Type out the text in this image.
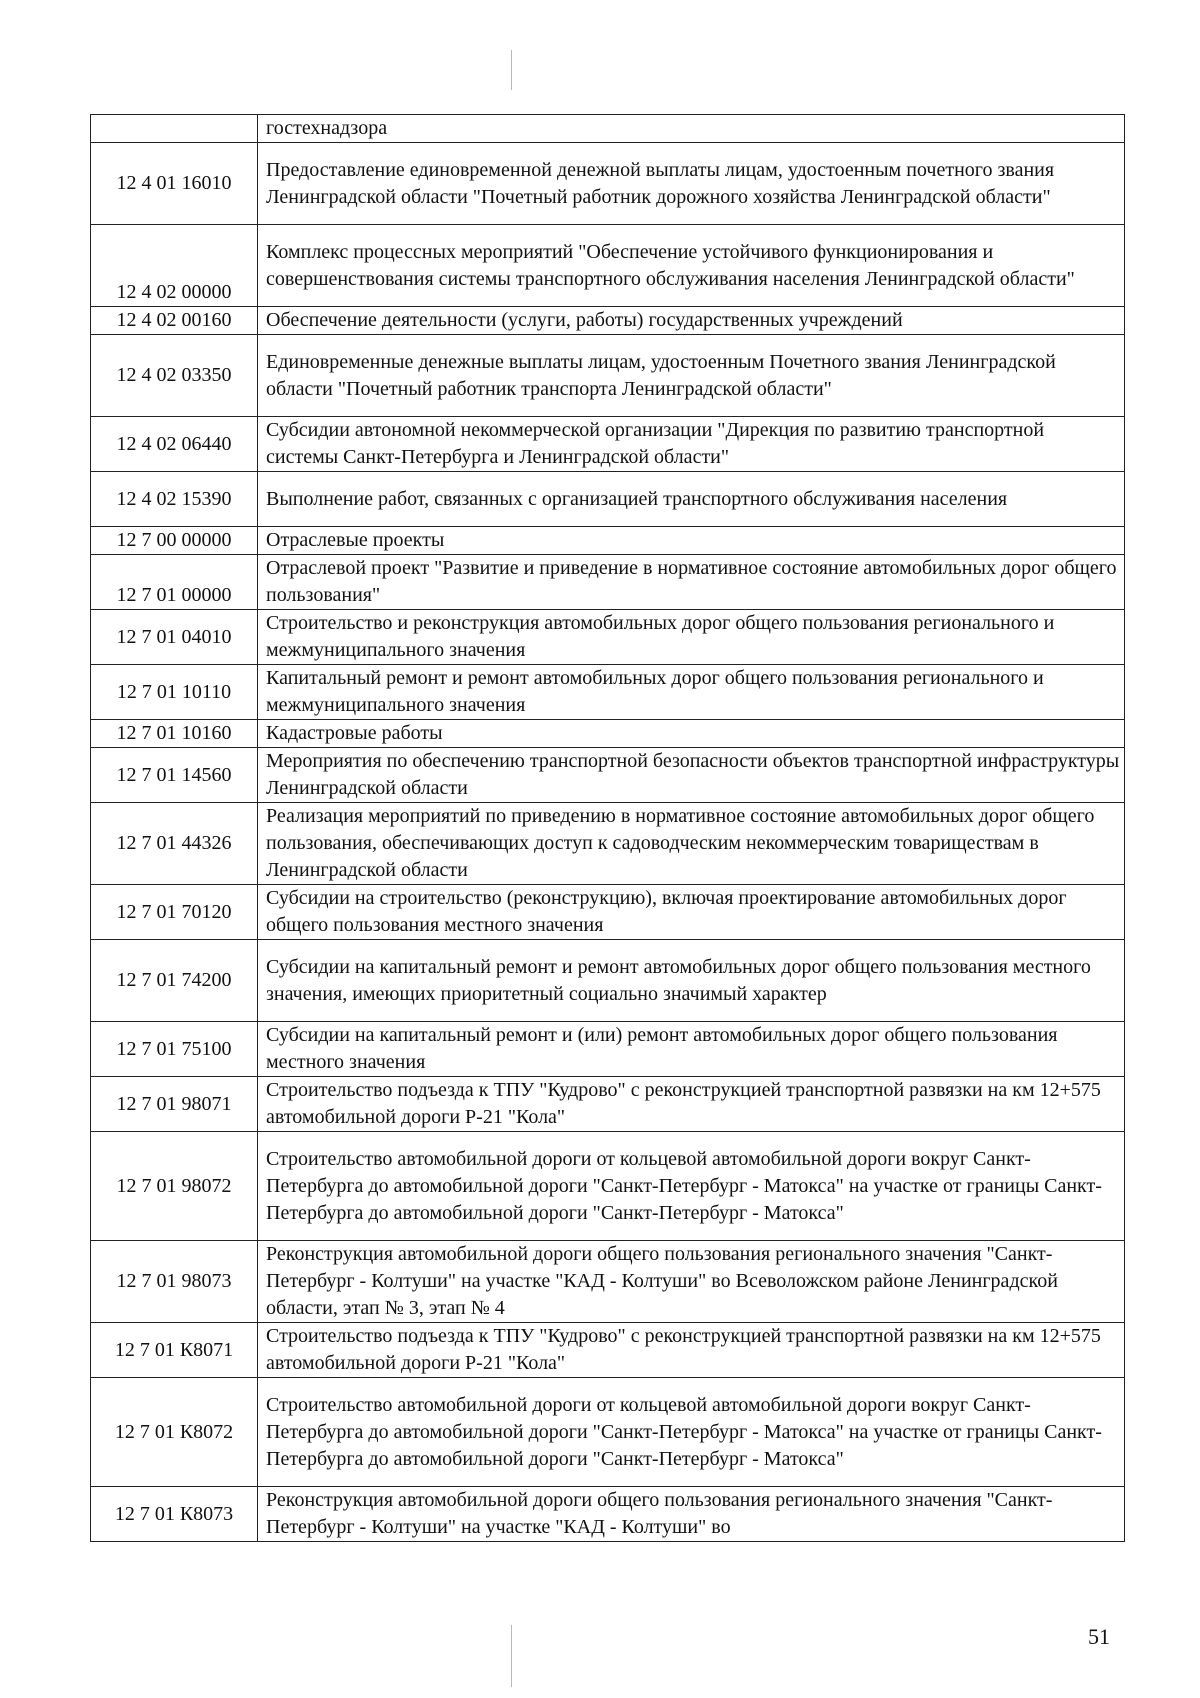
	гостехнадзора
12 4 01 16010	Предоставление единовременной денежной выплаты лицам, удостоенным почетного звания Ленинградской области "Почетный работник дорожного хозяйства Ленинградской области"
12 4 02 00000	Комплекс процессных мероприятий "Обеспечение устойчивого функционирования и совершенствования системы транспортного обслуживания населения Ленинградской области"
12 4 02 00160	Обеспечение деятельности (услуги, работы) государственных учреждений
12 4 02 03350	Единовременные денежные выплаты лицам, удостоенным Почетного звания Ленинградской области "Почетный работник транспорта Ленинградской области"
12 4 02 06440	Субсидии автономной некоммерческой организации "Дирекция по развитию транспортной системы Санкт-Петербурга и Ленинградской области"
12 4 02 15390	Выполнение работ, связанных с организацией транспортного обслуживания населения
12 7 00 00000	Отраслевые проекты
12 7 01 00000	Отраслевой проект "Развитие и приведение в нормативное состояние автомобильных дорог общего пользования"
12 7 01 04010	Строительство и реконструкция автомобильных дорог общего пользования регионального и межмуниципального значения
12 7 01 10110	Капитальный ремонт и ремонт автомобильных дорог общего пользования регионального и межмуниципального значения
12 7 01 10160	Кадастровые работы
12 7 01 14560	Мероприятия по обеспечению транспортной безопасности объектов транспортной инфраструктуры Ленинградской области
12 7 01 44326	Реализация мероприятий по приведению в нормативное состояние автомобильных дорог общего пользования, обеспечивающих доступ к садоводческим некоммерческим товариществам в Ленинградской области
12 7 01 70120	Субсидии на строительство (реконструкцию), включая проектирование автомобильных дорог общего пользования местного значения
12 7 01 74200	Субсидии на капитальный ремонт и ремонт автомобильных дорог общего пользования местного значения, имеющих приоритетный социально значимый характер
12 7 01 75100	Субсидии на капитальный ремонт и (или) ремонт автомобильных дорог общего пользования местного значения
12 7 01 98071	Строительство подъезда к ТПУ "Кудрово" с реконструкцией транспортной развязки на км 12+575 автомобильной дороги Р-21 "Кола"
12 7 01 98072	Строительство автомобильной дороги от кольцевой автомобильной дороги вокруг Санкт-Петербурга до автомобильной дороги "Санкт-Петербург - Матокса" на участке от границы Санкт-Петербурга до автомобильной дороги "Санкт-Петербург - Матокса"
12 7 01 98073	Реконструкция автомобильной дороги общего пользования регионального значения "Санкт-Петербург - Колтуши" на участке "КАД - Колтуши" во Всеволожском районе Ленинградской области, этап № 3, этап № 4
12 7 01 К8071	Строительство подъезда к ТПУ "Кудрово" с реконструкцией транспортной развязки на км 12+575 автомобильной дороги Р-21 "Кола"
12 7 01 К8072	Строительство автомобильной дороги от кольцевой автомобильной дороги вокруг Санкт-Петербурга до автомобильной дороги "Санкт-Петербург - Матокса" на участке от границы Санкт-Петербурга до автомобильной дороги "Санкт-Петербург - Матокса"
12 7 01 К8073	Реконструкция автомобильной дороги общего пользования регионального значения "Санкт-Петербург - Колтуши" на участке "КАД - Колтуши" во
51
